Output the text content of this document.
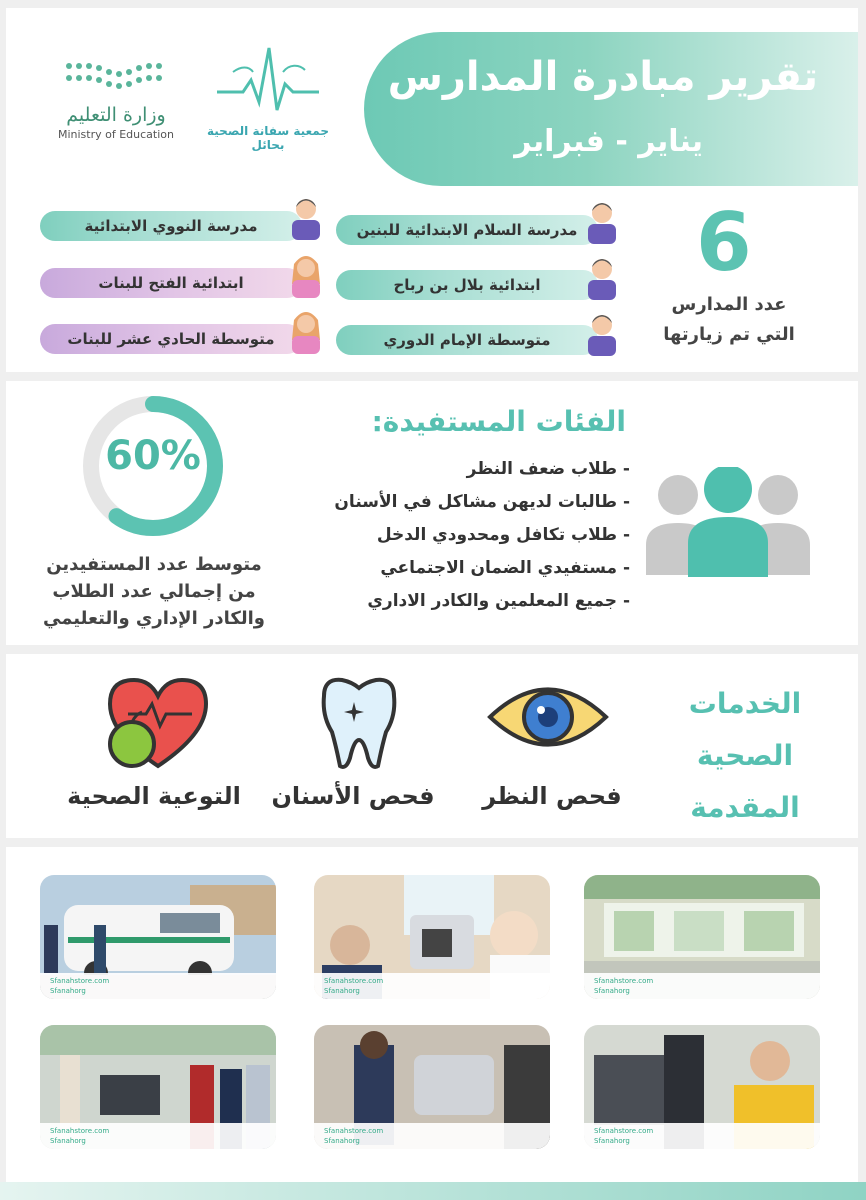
تقرير مبادرة المدارس
يناير - فبراير
وزارة التعليم
Ministry of Education	جمعية سفانة الصحية بحائل
مدرسة السلام الابتدائية للبنين
ابتدائية بلال بن رباح
متوسطة الإمام الدوري
مدرسة النووي الابتدائية
ابتدائية الفتح للبنات
متوسطة الحادي عشر للبنات
6
عدد المدارس
التي تم زيارتها
60%
متوسط عدد المستفيدين
من إجمالي عدد الطلاب
والكادر الإداري والتعليمي
الفئات المستفيدة:
- طلاب ضعف النظر
- طالبات لديهن مشاكل في الأسنان
- طلاب تكافل ومحدودي الدخل
- مستفيدي الضمان الاجتماعي
- جميع المعلمين والكادر الاداري
الخدمات
الصحية
المقدمة
فحص النظر
فحص الأسنان
التوعية الصحية
Sfanahstore.com
Sfanahorg
Sfanahstore.com
Sfanahorg
Sfanahstore.com
Sfanahorg
Sfanahstore.com
Sfanahorg
Sfanahstore.com
Sfanahorg
Sfanahstore.com
Sfanahorg
